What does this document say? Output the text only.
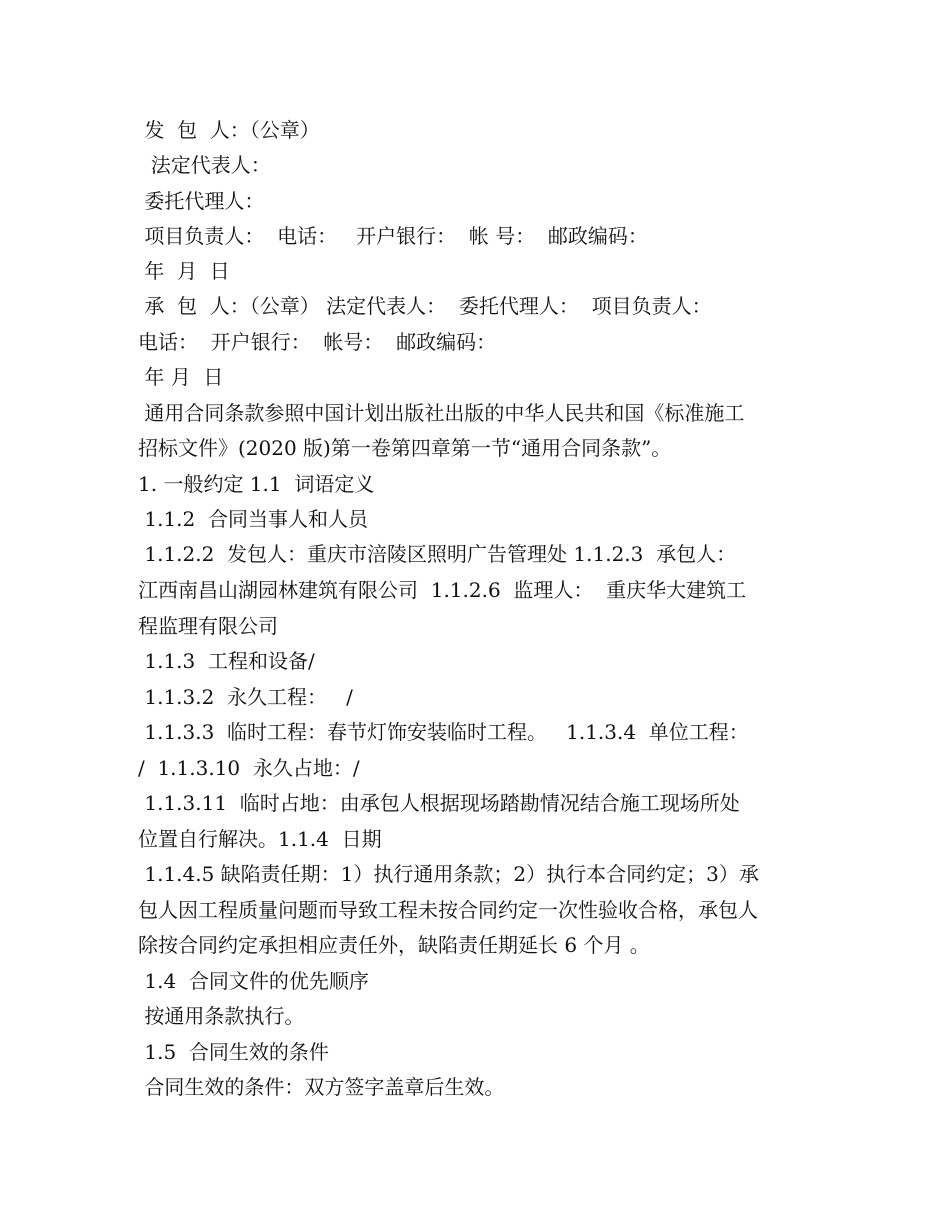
发  包  人：（公章）
法定代表人：
委托代理人：
项目负责人：  电话：   开户银行：  帐 号：  邮政编码：
年  月  日
承  包  人：（公章） 法定代表人：  委托代理人：  项目负责人：
电话：  开户银行：  帐号：  邮政编码：
年 月  日
通用合同条款参照中国计划出版社出版的中华人民共和国《标准施工
招标文件》(2020 版)第一卷第四章第一节“通用合同条款”。
1. 一般约定 1.1  词语定义
1.1.2  合同当事人和人员
1.1.2.2  发包人：重庆市涪陵区照明广告管理处 1.1.2.3  承包人：
江西南昌山湖园林建筑有限公司  1.1.2.6  监理人：  重庆华大建筑工
程监理有限公司
1.1.3  工程和设备/
1.1.3.2  永久工程：   /
1.1.3.3  临时工程：春节灯饰安装临时工程。   1.1.3.4  单位工程：
/  1.1.3.10  永久占地：/
1.1.3.11  临时占地：由承包人根据现场踏勘情况结合施工现场所处
位置自行解决。1.1.4  日期
1.1.4.5 缺陷责任期：1）执行通用条款；2）执行本合同约定；3）承
包人因工程质量问题而导致工程未按合同约定一次性验收合格，承包人
除按合同约定承担相应责任外，缺陷责任期延长 6 个月 。
1.4  合同文件的优先顺序
按通用条款执行。
1.5  合同生效的条件
合同生效的条件：双方签字盖章后生效。
